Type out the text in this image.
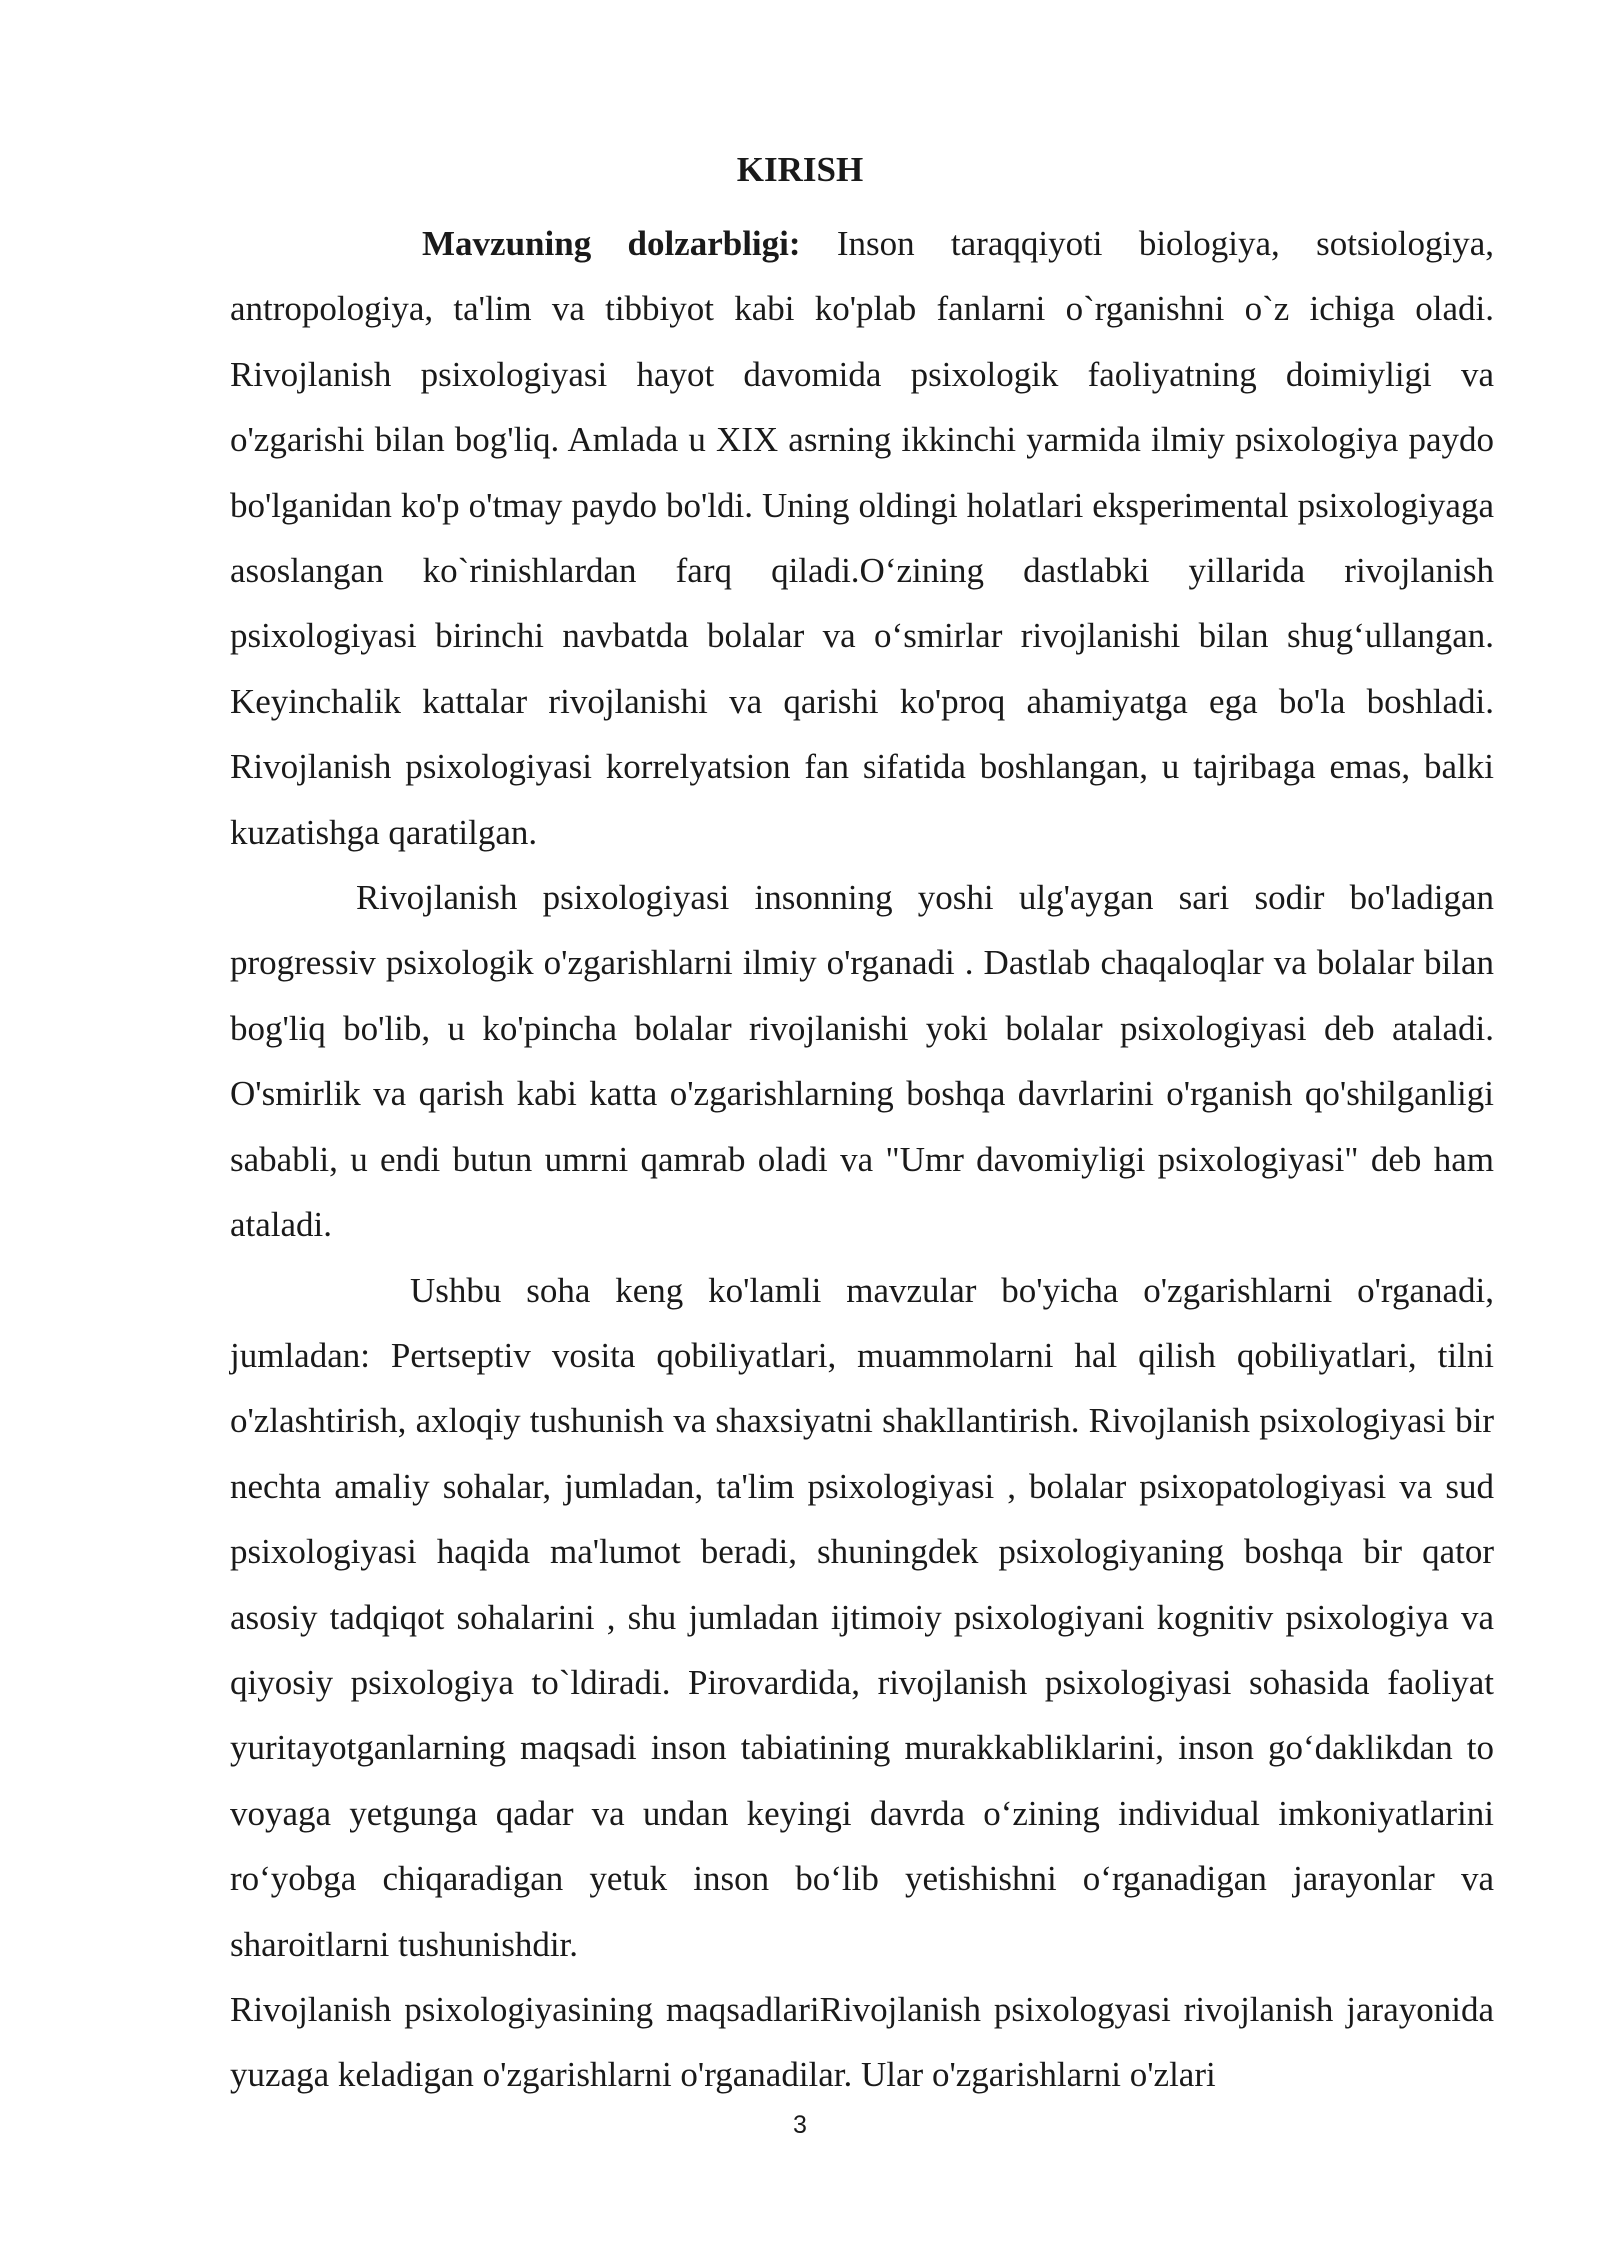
KIRISH

Mavzuning dolzarbligi: Inson taraqqiyoti biologiya, sotsiologiya, antropologiya, ta'lim va tibbiyot kabi ko'plab fanlarni o`rganishni o`z ichiga oladi. Rivojlanish psixologiyasi hayot davomida psixologik faoliyatning doimiyligi va o'zgarishi bilan bog'liq. Amlada u XIX asrning ikkinchi yarmida ilmiy psixologiya paydo bo'lganidan ko'p o'tmay paydo bo'ldi. Uning oldingi holatlari eksperimental psixologiyaga asoslangan ko`rinishlardan farq qiladi.O‘zining dastlabki yillarida rivojlanish psixologiyasi birinchi navbatda bolalar va o‘smirlar rivojlanishi bilan shug‘ullangan. Keyinchalik kattalar rivojlanishi va qarishi ko'proq ahamiyatga ega bo'la boshladi. Rivojlanish psixologiyasi korrelyatsion fan sifatida boshlangan, u tajribaga emas, balki kuzatishga qaratilgan.

Rivojlanish psixologiyasi insonning yoshi ulg'aygan sari sodir bo'ladigan progressiv psixologik o'zgarishlarni ilmiy o'rganadi . Dastlab chaqaloqlar va bolalar bilan bog'liq bo'lib, u ko'pincha bolalar rivojlanishi yoki bolalar psixologiyasi deb ataladi. O'smirlik va qarish kabi katta o'zgarishlarning boshqa davrlarini o'rganish qo'shilganligi sababli, u endi butun umrni qamrab oladi va "Umr davomiyligi psixologiyasi" deb ham ataladi.

Ushbu soha keng ko'lamli mavzular bo'yicha o'zgarishlarni o'rganadi, jumladan: Pertseptiv vosita qobiliyatlari, muammolarni hal qilish qobiliyatlari, tilni o'zlashtirish, axloqiy tushunish va shaxsiyatni shakllantirish. Rivojlanish psixologiyasi bir nechta amaliy sohalar, jumladan, ta'lim psixologiyasi , bolalar psixopatologiyasi va sud psixologiyasi haqida ma'lumot beradi, shuningdek psixologiyaning boshqa bir qator asosiy tadqiqot sohalarini , shu jumladan ijtimoiy psixologiyani kognitiv psixologiya va qiyosiy psixologiya to`ldiradi. Pirovardida, rivojlanish psixologiyasi sohasida faoliyat yuritayotganlarning maqsadi inson tabiatining murakkabliklarini, inson go‘daklikdan to voyaga yetgunga qadar va undan keyingi davrda o‘zining individual imkoniyatlarini ro‘yobga chiqaradigan yetuk inson bo‘lib yetishishni o‘rganadigan jarayonlar va sharoitlarni tushunishdir.

Rivojlanish psixologiyasining maqsadlariRivojlanish psixologyasi rivojlanish jarayonida yuzaga keladigan o'zgarishlarni o'rganadilar. Ular o'zgarishlarni o'zlari

3
